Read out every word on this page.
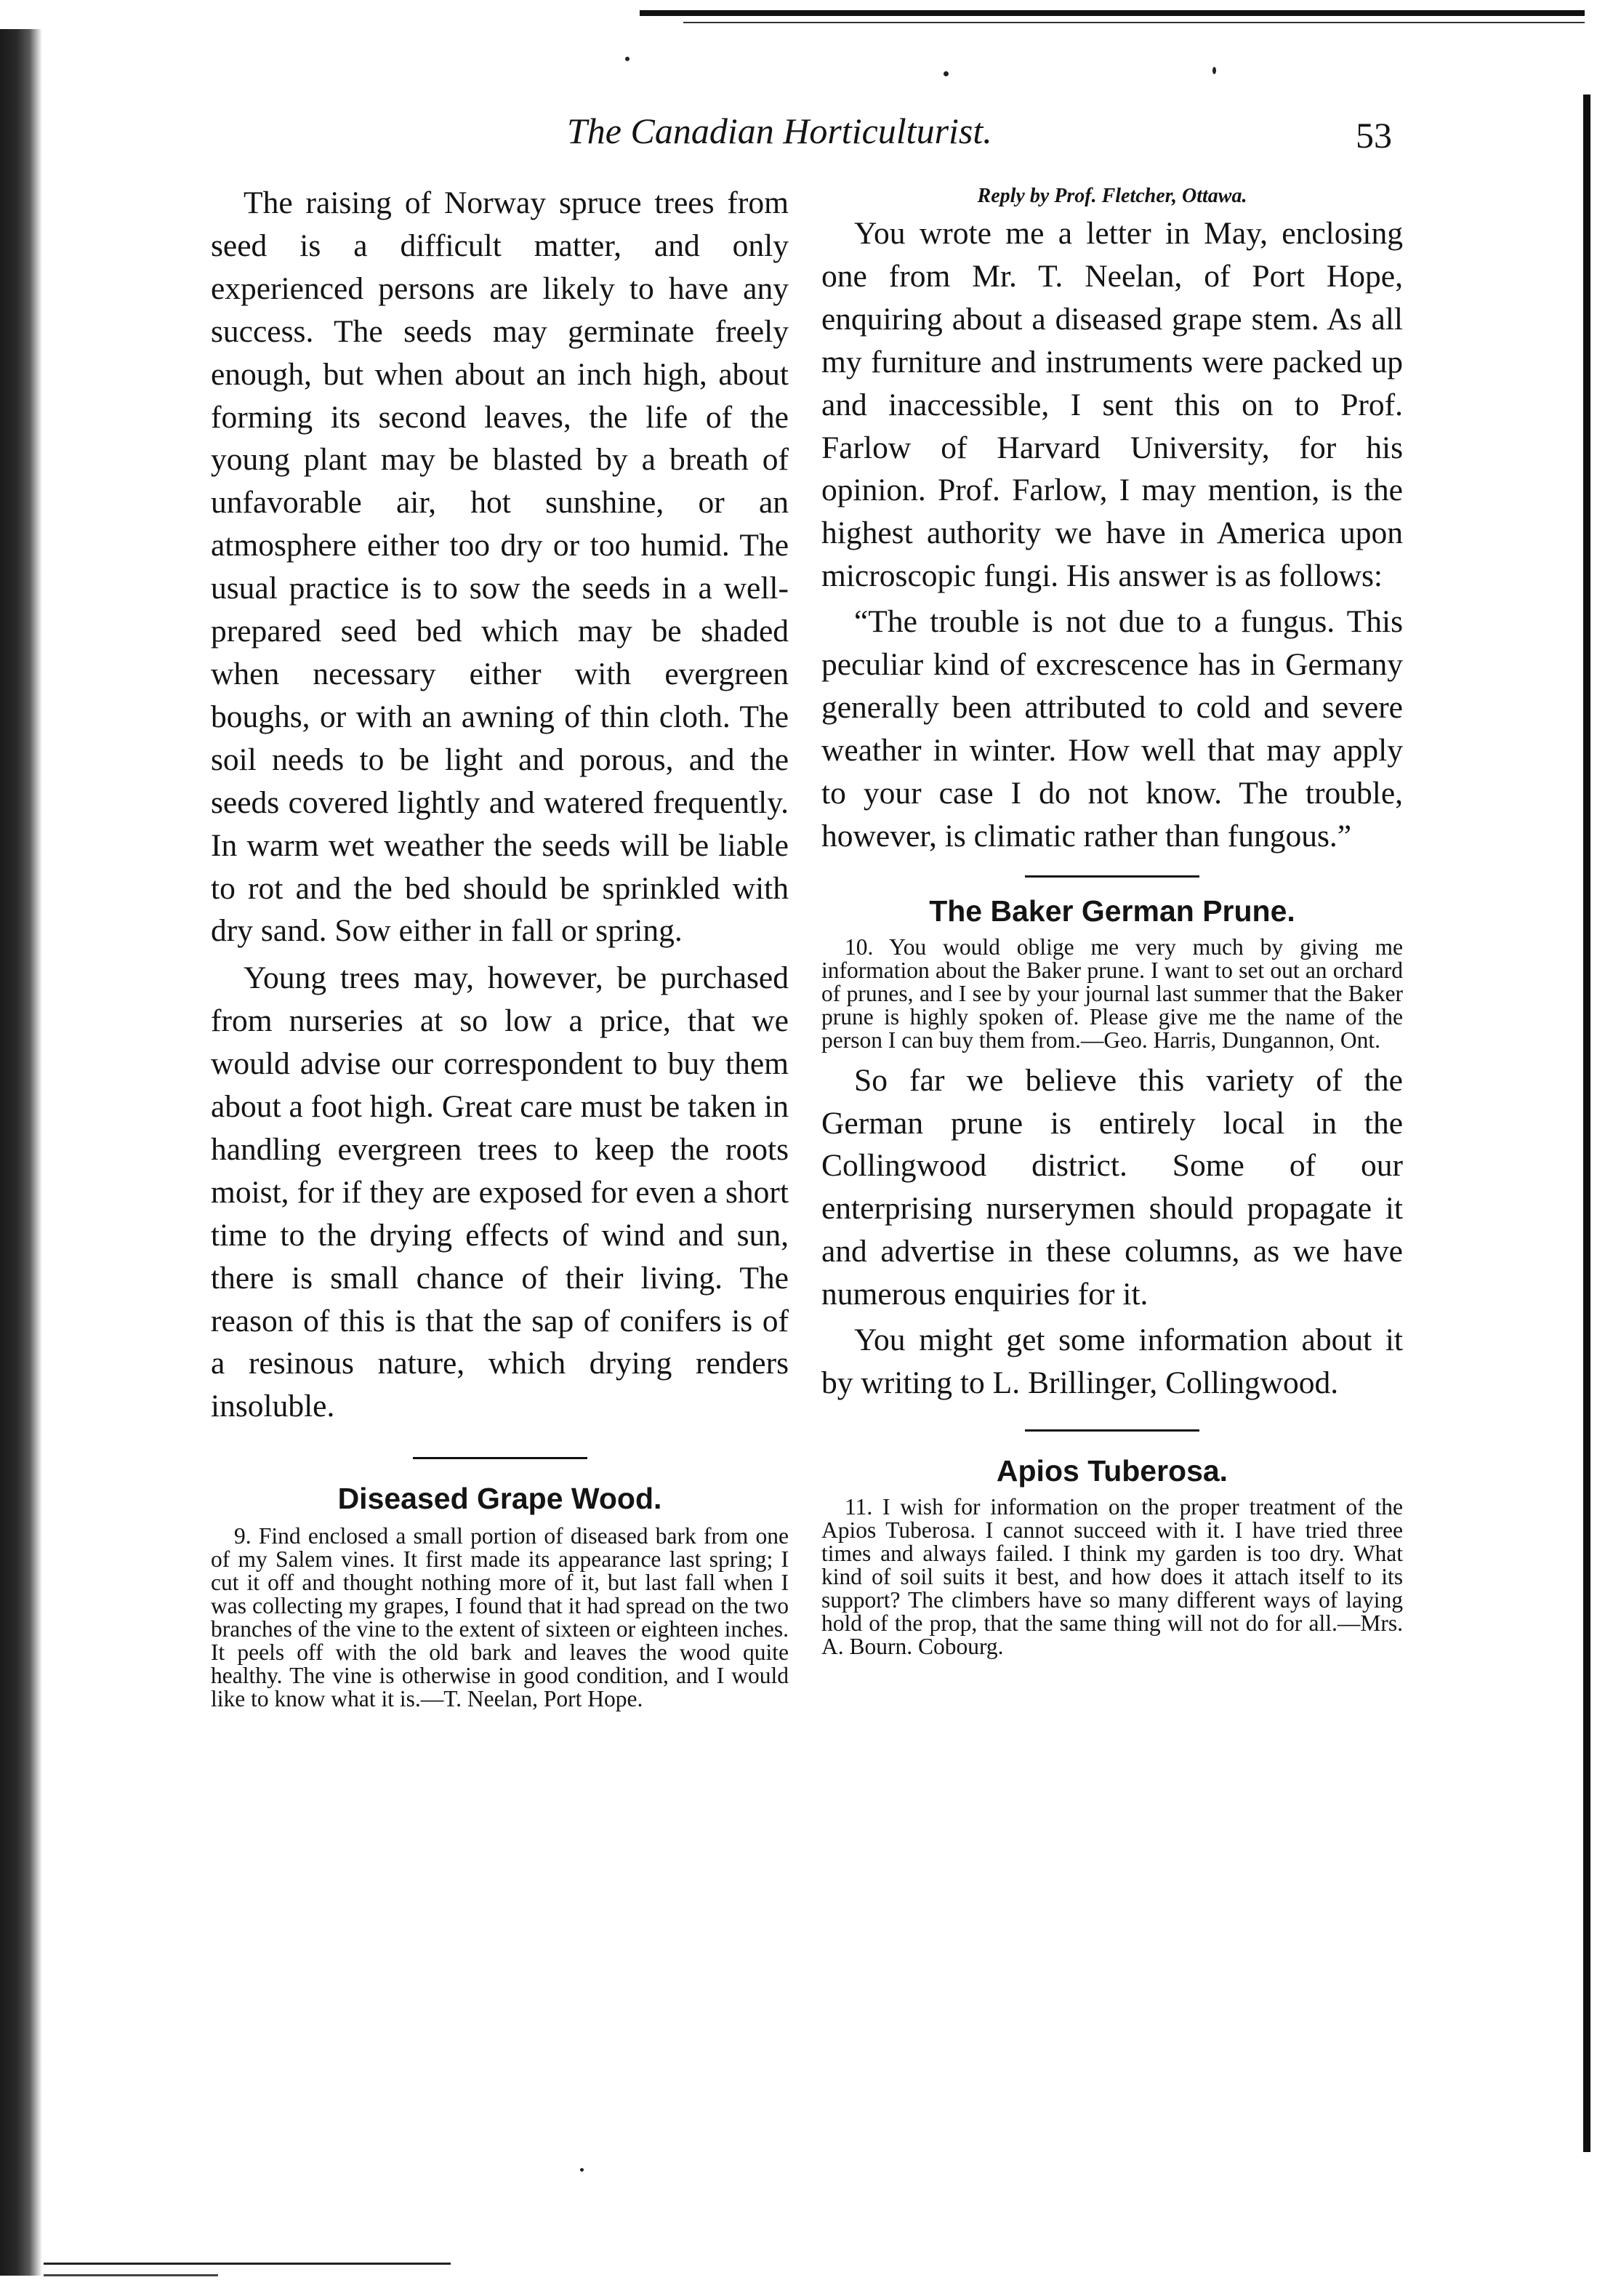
The Canadian Horticulturist.	53

The raising of Norway spruce trees from seed is a difficult matter, and only experienced persons are likely to have any success. The seeds may germinate freely enough, but when about an inch high, about forming its second leaves, the life of the young plant may be blasted by a breath of unfavorable air, hot sunshine, or an atmosphere either too dry or too humid. The usual practice is to sow the seeds in a well-prepared seed bed which may be shaded when necessary either with evergreen boughs, or with an awning of thin cloth. The soil needs to be light and porous, and the seeds covered lightly and watered frequently. In warm wet weather the seeds will be liable to rot and the bed should be sprinkled with dry sand. Sow either in fall or spring.

Young trees may, however, be purchased from nurseries at so low a price, that we would advise our correspondent to buy them about a foot high. Great care must be taken in handling evergreen trees to keep the roots moist, for if they are exposed for even a short time to the drying effects of wind and sun, there is small chance of their living. The reason of this is that the sap of conifers is of a resinous nature, which drying renders insoluble.

Diseased Grape Wood.

9. Find enclosed a small portion of diseased bark from one of my Salem vines. It first made its appearance last spring; I cut it off and thought nothing more of it, but last fall when I was collecting my grapes, I found that it had spread on the two branches of the vine to the extent of sixteen or eighteen inches. It peels off with the old bark and leaves the wood quite healthy. The vine is otherwise in good condition, and I would like to know what it is.—T. Neelan, Port Hope.

Reply by Prof. Fletcher, Ottawa.

You wrote me a letter in May, enclosing one from Mr. T. Neelan, of Port Hope, enquiring about a diseased grape stem. As all my furniture and instruments were packed up and inaccessible, I sent this on to Prof. Farlow of Harvard University, for his opinion. Prof. Farlow, I may mention, is the highest authority we have in America upon microscopic fungi. His answer is as follows:

“The trouble is not due to a fungus. This peculiar kind of excrescence has in Germany generally been attributed to cold and severe weather in winter. How well that may apply to your case I do not know. The trouble, however, is climatic rather than fungous.”

The Baker German Prune.

10. You would oblige me very much by giving me information about the Baker prune. I want to set out an orchard of prunes, and I see by your journal last summer that the Baker prune is highly spoken of. Please give me the name of the person I can buy them from.—Geo. Harris, Dungannon, Ont.

So far we believe this variety of the German prune is entirely local in the Collingwood district. Some of our enterprising nurserymen should propagate it and advertise in these columns, as we have numerous enquiries for it.

You might get some information about it by writing to L. Brillinger, Collingwood.

Apios Tuberosa.

11. I wish for information on the proper treatment of the Apios Tuberosa. I cannot succeed with it. I have tried three times and always failed. I think my garden is too dry. What kind of soil suits it best, and how does it attach itself to its support? The climbers have so many different ways of laying hold of the prop, that the same thing will not do for all.—Mrs. A. Bourn. Cobourg.
